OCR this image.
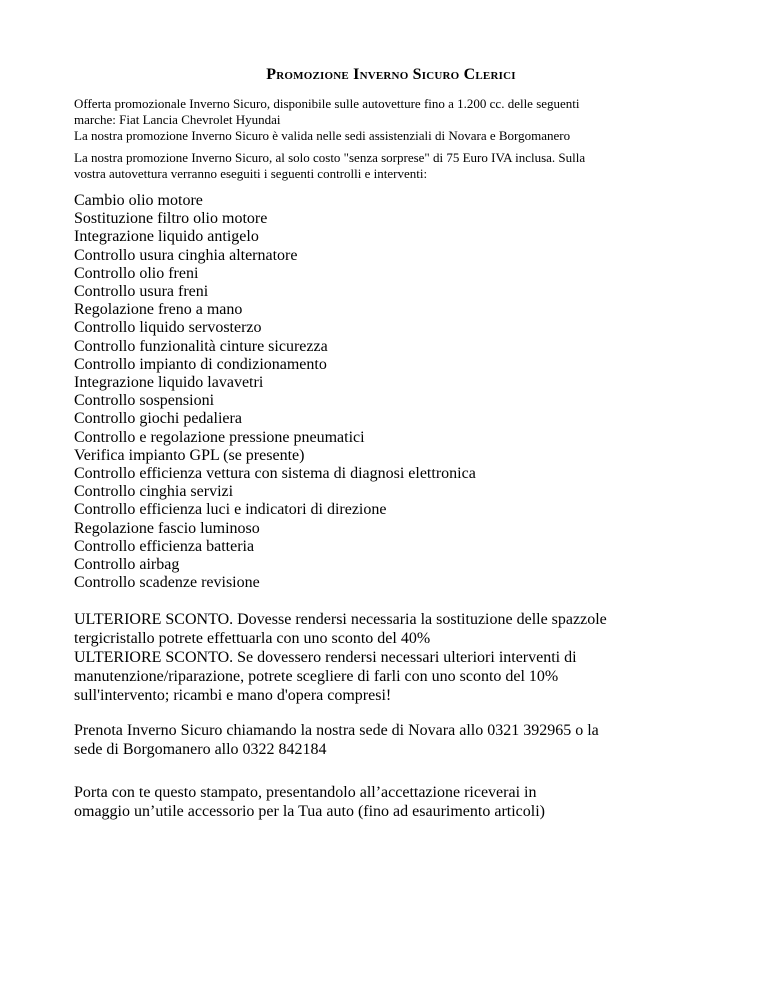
Promozione Inverno Sicuro Clerici

Offerta promozionale Inverno Sicuro, disponibile sulle autovetture fino a 1.200 cc. delle seguenti

marche: Fiat Lancia Chevrolet Hyundai

La nostra promozione Inverno Sicuro è valida nelle sedi assistenziali di Novara e Borgomanero

La nostra promozione Inverno Sicuro, al solo costo "senza sorprese" di 75 Euro IVA inclusa. Sulla

vostra autovettura verranno eseguiti i seguenti controlli e interventi:

Cambio olio motore
Sostituzione filtro olio motore
Integrazione liquido antigelo
Controllo usura cinghia alternatore
Controllo olio freni
Controllo usura freni
Regolazione freno a mano
Controllo liquido servosterzo
Controllo funzionalità cinture sicurezza
Controllo impianto di condizionamento
Integrazione liquido lavavetri
Controllo sospensioni
Controllo giochi pedaliera
Controllo e regolazione pressione pneumatici
Verifica impianto GPL (se presente)
Controllo efficienza vettura con sistema di diagnosi elettronica
Controllo cinghia servizi
Controllo efficienza luci e indicatori di direzione
Regolazione fascio luminoso
Controllo efficienza batteria
Controllo airbag
Controllo scadenze revisione

ULTERIORE SCONTO. Dovesse rendersi necessaria la sostituzione delle spazzole

tergicristallo potrete effettuarla con uno sconto del 40%

ULTERIORE SCONTO. Se dovessero rendersi necessari ulteriori interventi di

manutenzione/riparazione, potrete scegliere di farli con uno sconto del 10%

sull'intervento; ricambi e mano d'opera compresi!

Prenota Inverno Sicuro chiamando la nostra sede di Novara allo 0321 392965 o la

sede di Borgomanero allo 0322 842184

Porta con te questo stampato, presentandolo all’accettazione riceverai in

omaggio un’utile accessorio per la Tua auto (fino ad esaurimento articoli)
